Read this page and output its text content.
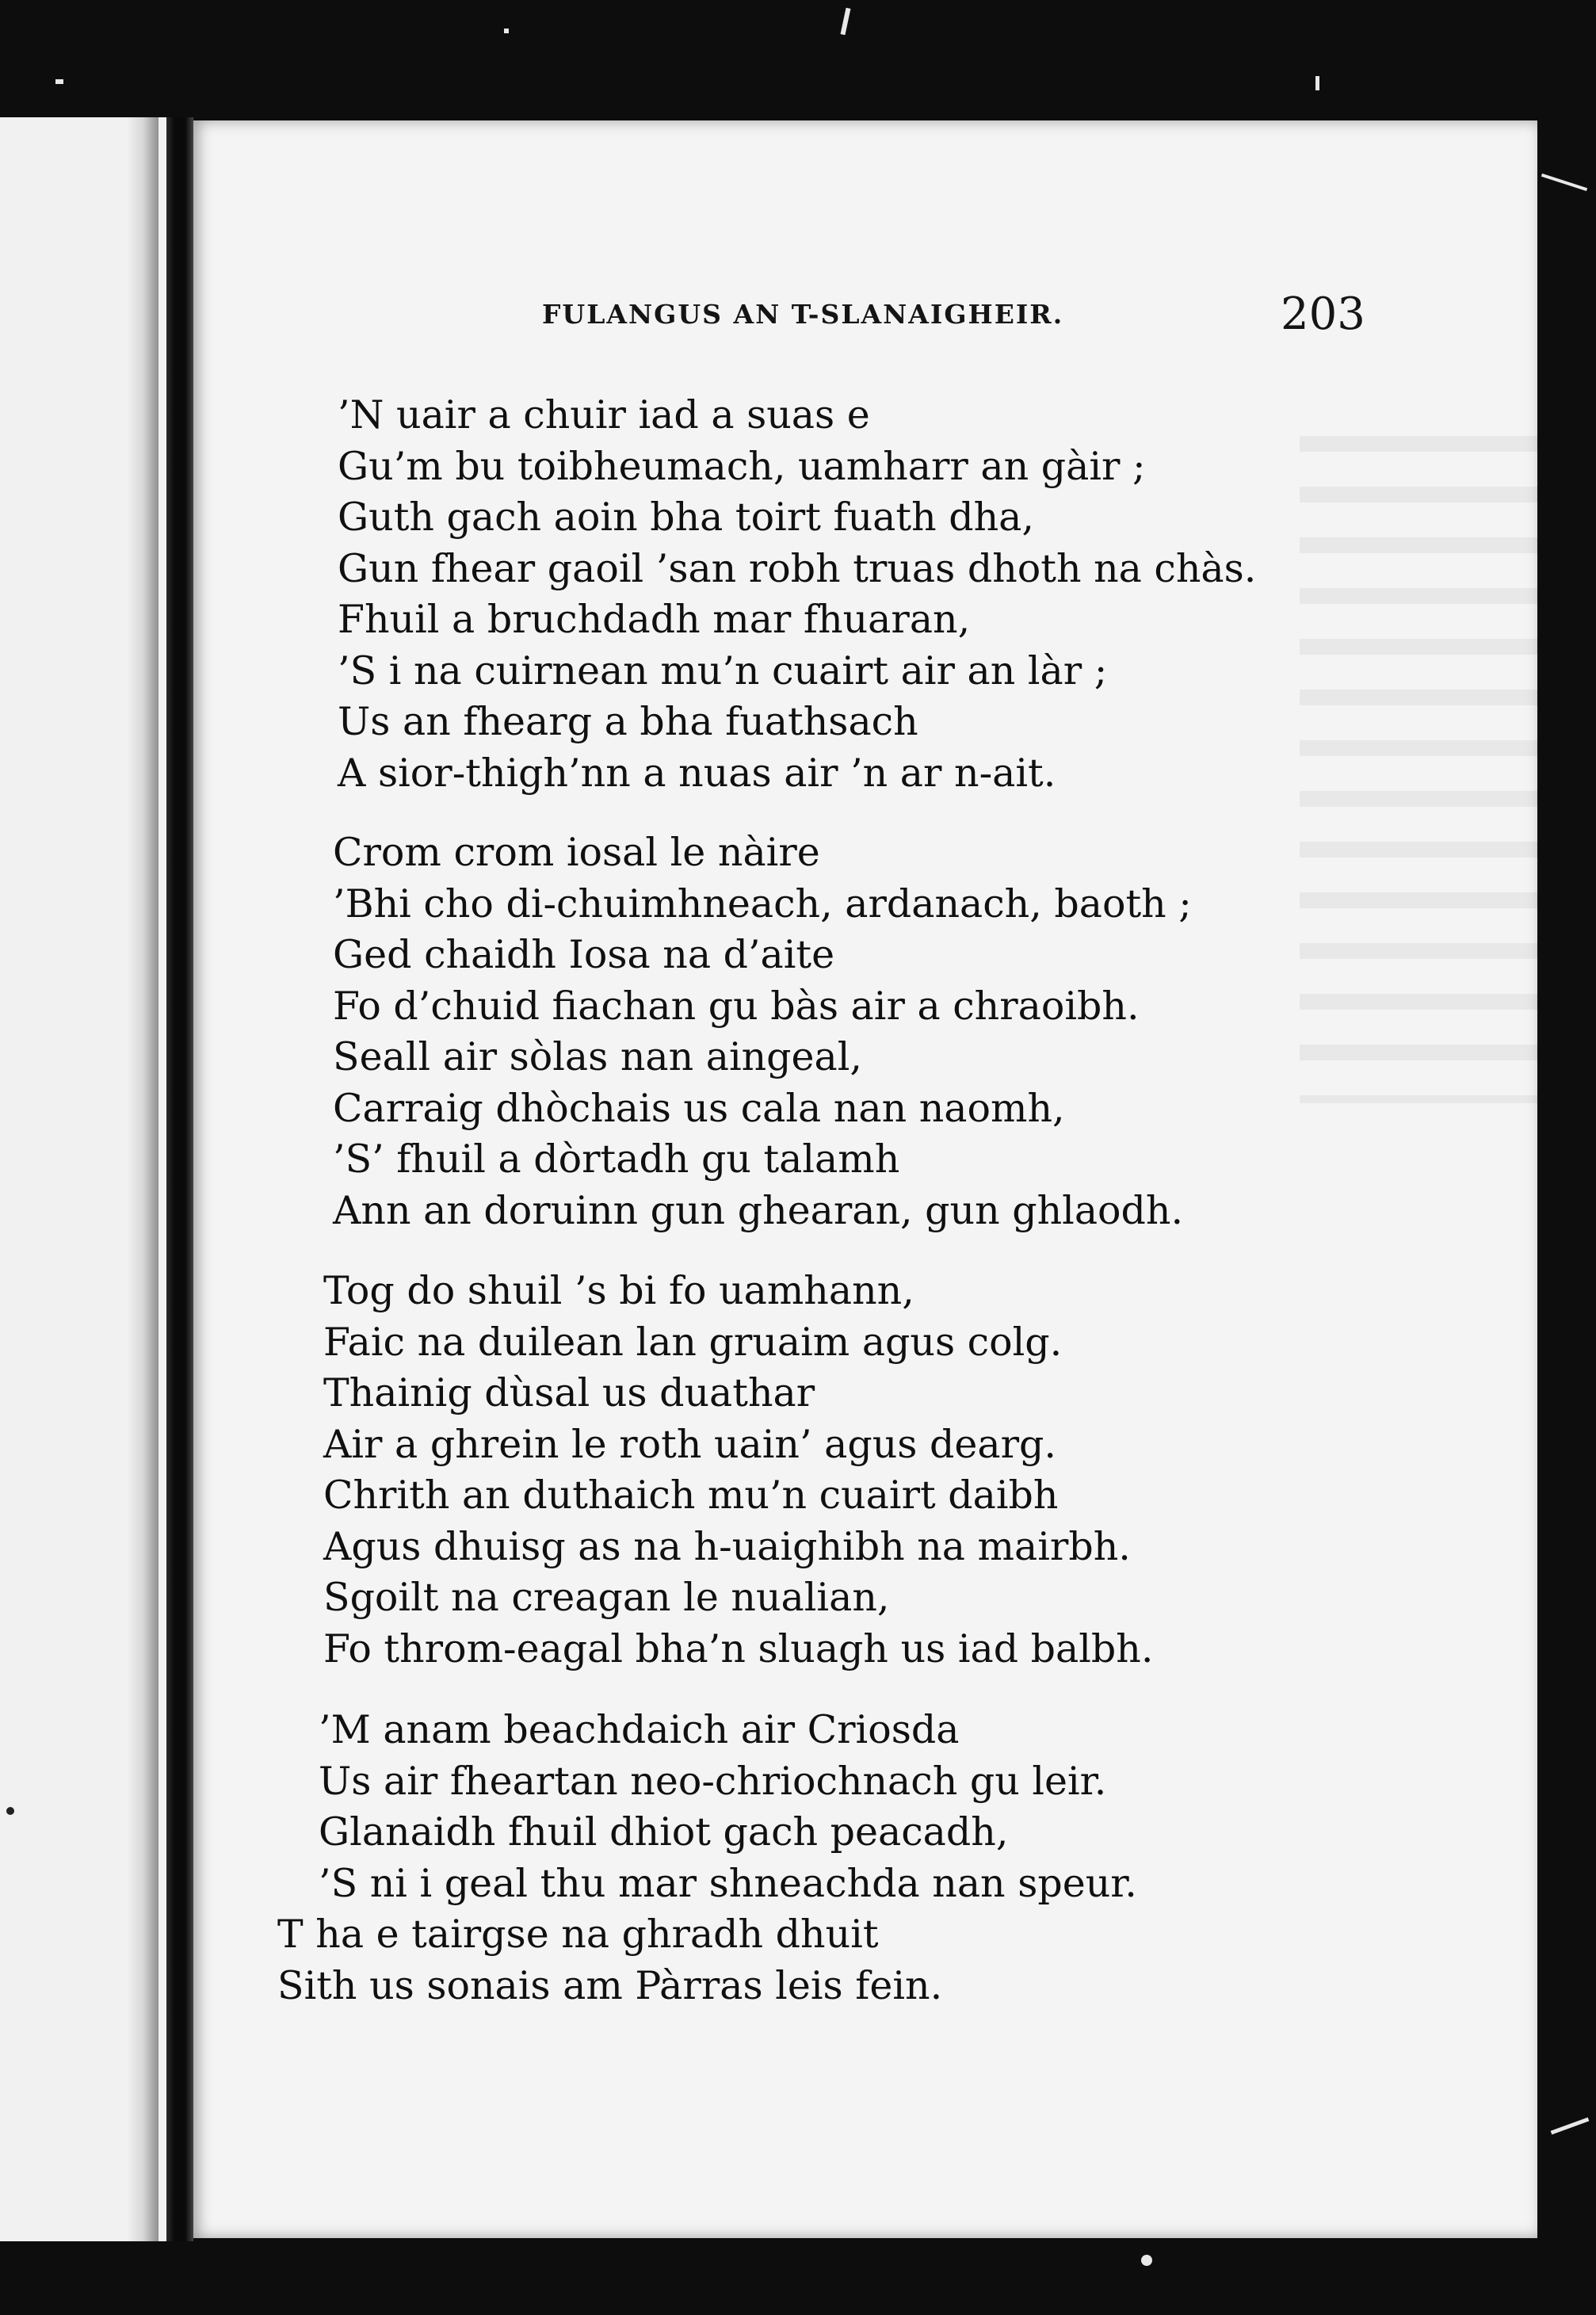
FULANGUS AN T-SLANAIGHEIR.	203
’N uair a chuir iad a suas e
Gu’m bu toibheumach, uamharr an gàir ;
Guth gach aoin bha toirt fuath dha,
Gun fhear gaoil ’san robh truas dhoth na chàs.
Fhuil a bruchdadh mar fhuaran,
’S i na cuirnean mu’n cuairt air an làr ;
Us an fhearg a bha fuathsach
A sior-thigh’nn a nuas air ’n ar n-ait.
Crom crom iosal le nàire
’Bhi cho di-chuimhneach, ardanach, baoth ;
Ged chaidh Iosa na d’aite
Fo d’chuid fiachan gu bàs air a chraoibh.
Seall air sòlas nan aingeal,
Carraig dhòchais us cala nan naomh,
’S’ fhuil a dòrtadh gu talamh
Ann an doruinn gun ghearan, gun ghlaodh.
Tog do shuil ’s bi fo uamhann,
Faic na duilean lan gruaim agus colg.
Thainig dùsal us duathar
Air a ghrein le roth uain’ agus dearg.
Chrith an duthaich mu’n cuairt daibh
Agus dhuisg as na h-uaighibh na mairbh.
Sgoilt na creagan le nualian,
Fo throm-eagal bha’n sluagh us iad balbh.
’M anam beachdaich air Criosda
Us air fheartan neo-chriochnach gu leir.
Glanaidh fhuil dhiot gach peacadh,
’S ni i geal thu mar shneachda nan speur.
T ha e tairgse na ghradh dhuit
Sith us sonais am Pàrras leis fein.
